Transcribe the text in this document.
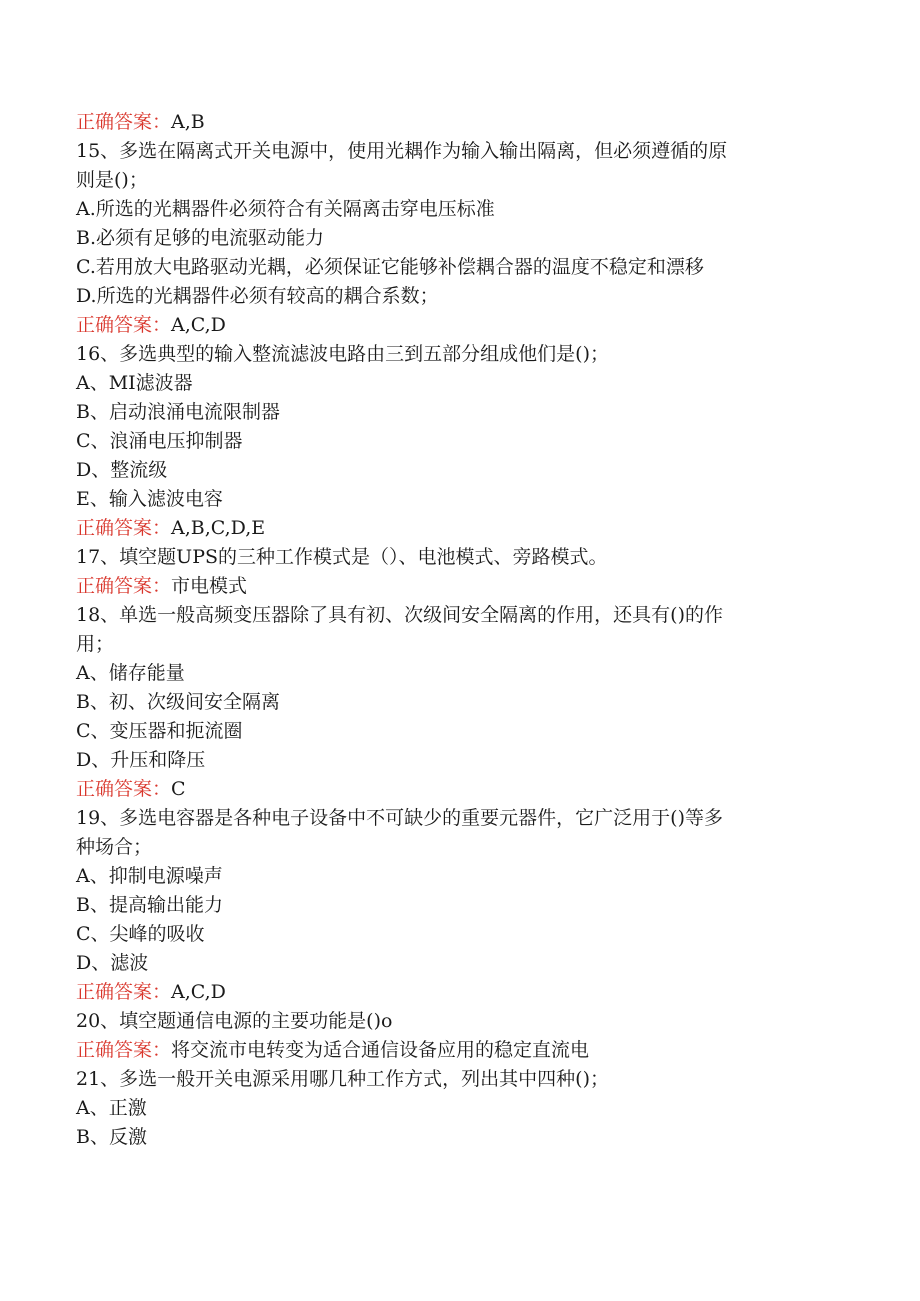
正确答案：A,B
15、多选在隔离式开关电源中，使用光耦作为输入输出隔离，但必须遵循的原
则是()；
A.所选的光耦器件必须符合有关隔离击穿电压标准
B.必须有足够的电流驱动能力
C.若用放大电路驱动光耦，必须保证它能够补偿耦合器的温度不稳定和漂移
D.所选的光耦器件必须有较高的耦合系数；
正确答案：A,C,D
16、多选典型的输入整流滤波电路由三到五部分组成他们是()；
A、MI滤波器
B、启动浪涌电流限制器
C、浪涌电压抑制器
D、整流级
E、输入滤波电容
正确答案：A,B,C,D,E
17、填空题UPS的三种工作模式是（）、电池模式、旁路模式。
正确答案：市电模式
18、单选一般高频变压器除了具有初、次级间安全隔离的作用，还具有()的作
用；
A、储存能量
B、初、次级间安全隔离
C、变压器和扼流圈
D、升压和降压
正确答案：C
19、多选电容器是各种电子设备中不可缺少的重要元器件，它广泛用于()等多
种场合；
A、抑制电源噪声
B、提高输出能力
C、尖峰的吸收
D、滤波
正确答案：A,C,D
20、填空题通信电源的主要功能是()o
正确答案：将交流市电转变为适合通信设备应用的稳定直流电
21、多选一般开关电源采用哪几种工作方式，列出其中四种()；
A、正激
B、反激
